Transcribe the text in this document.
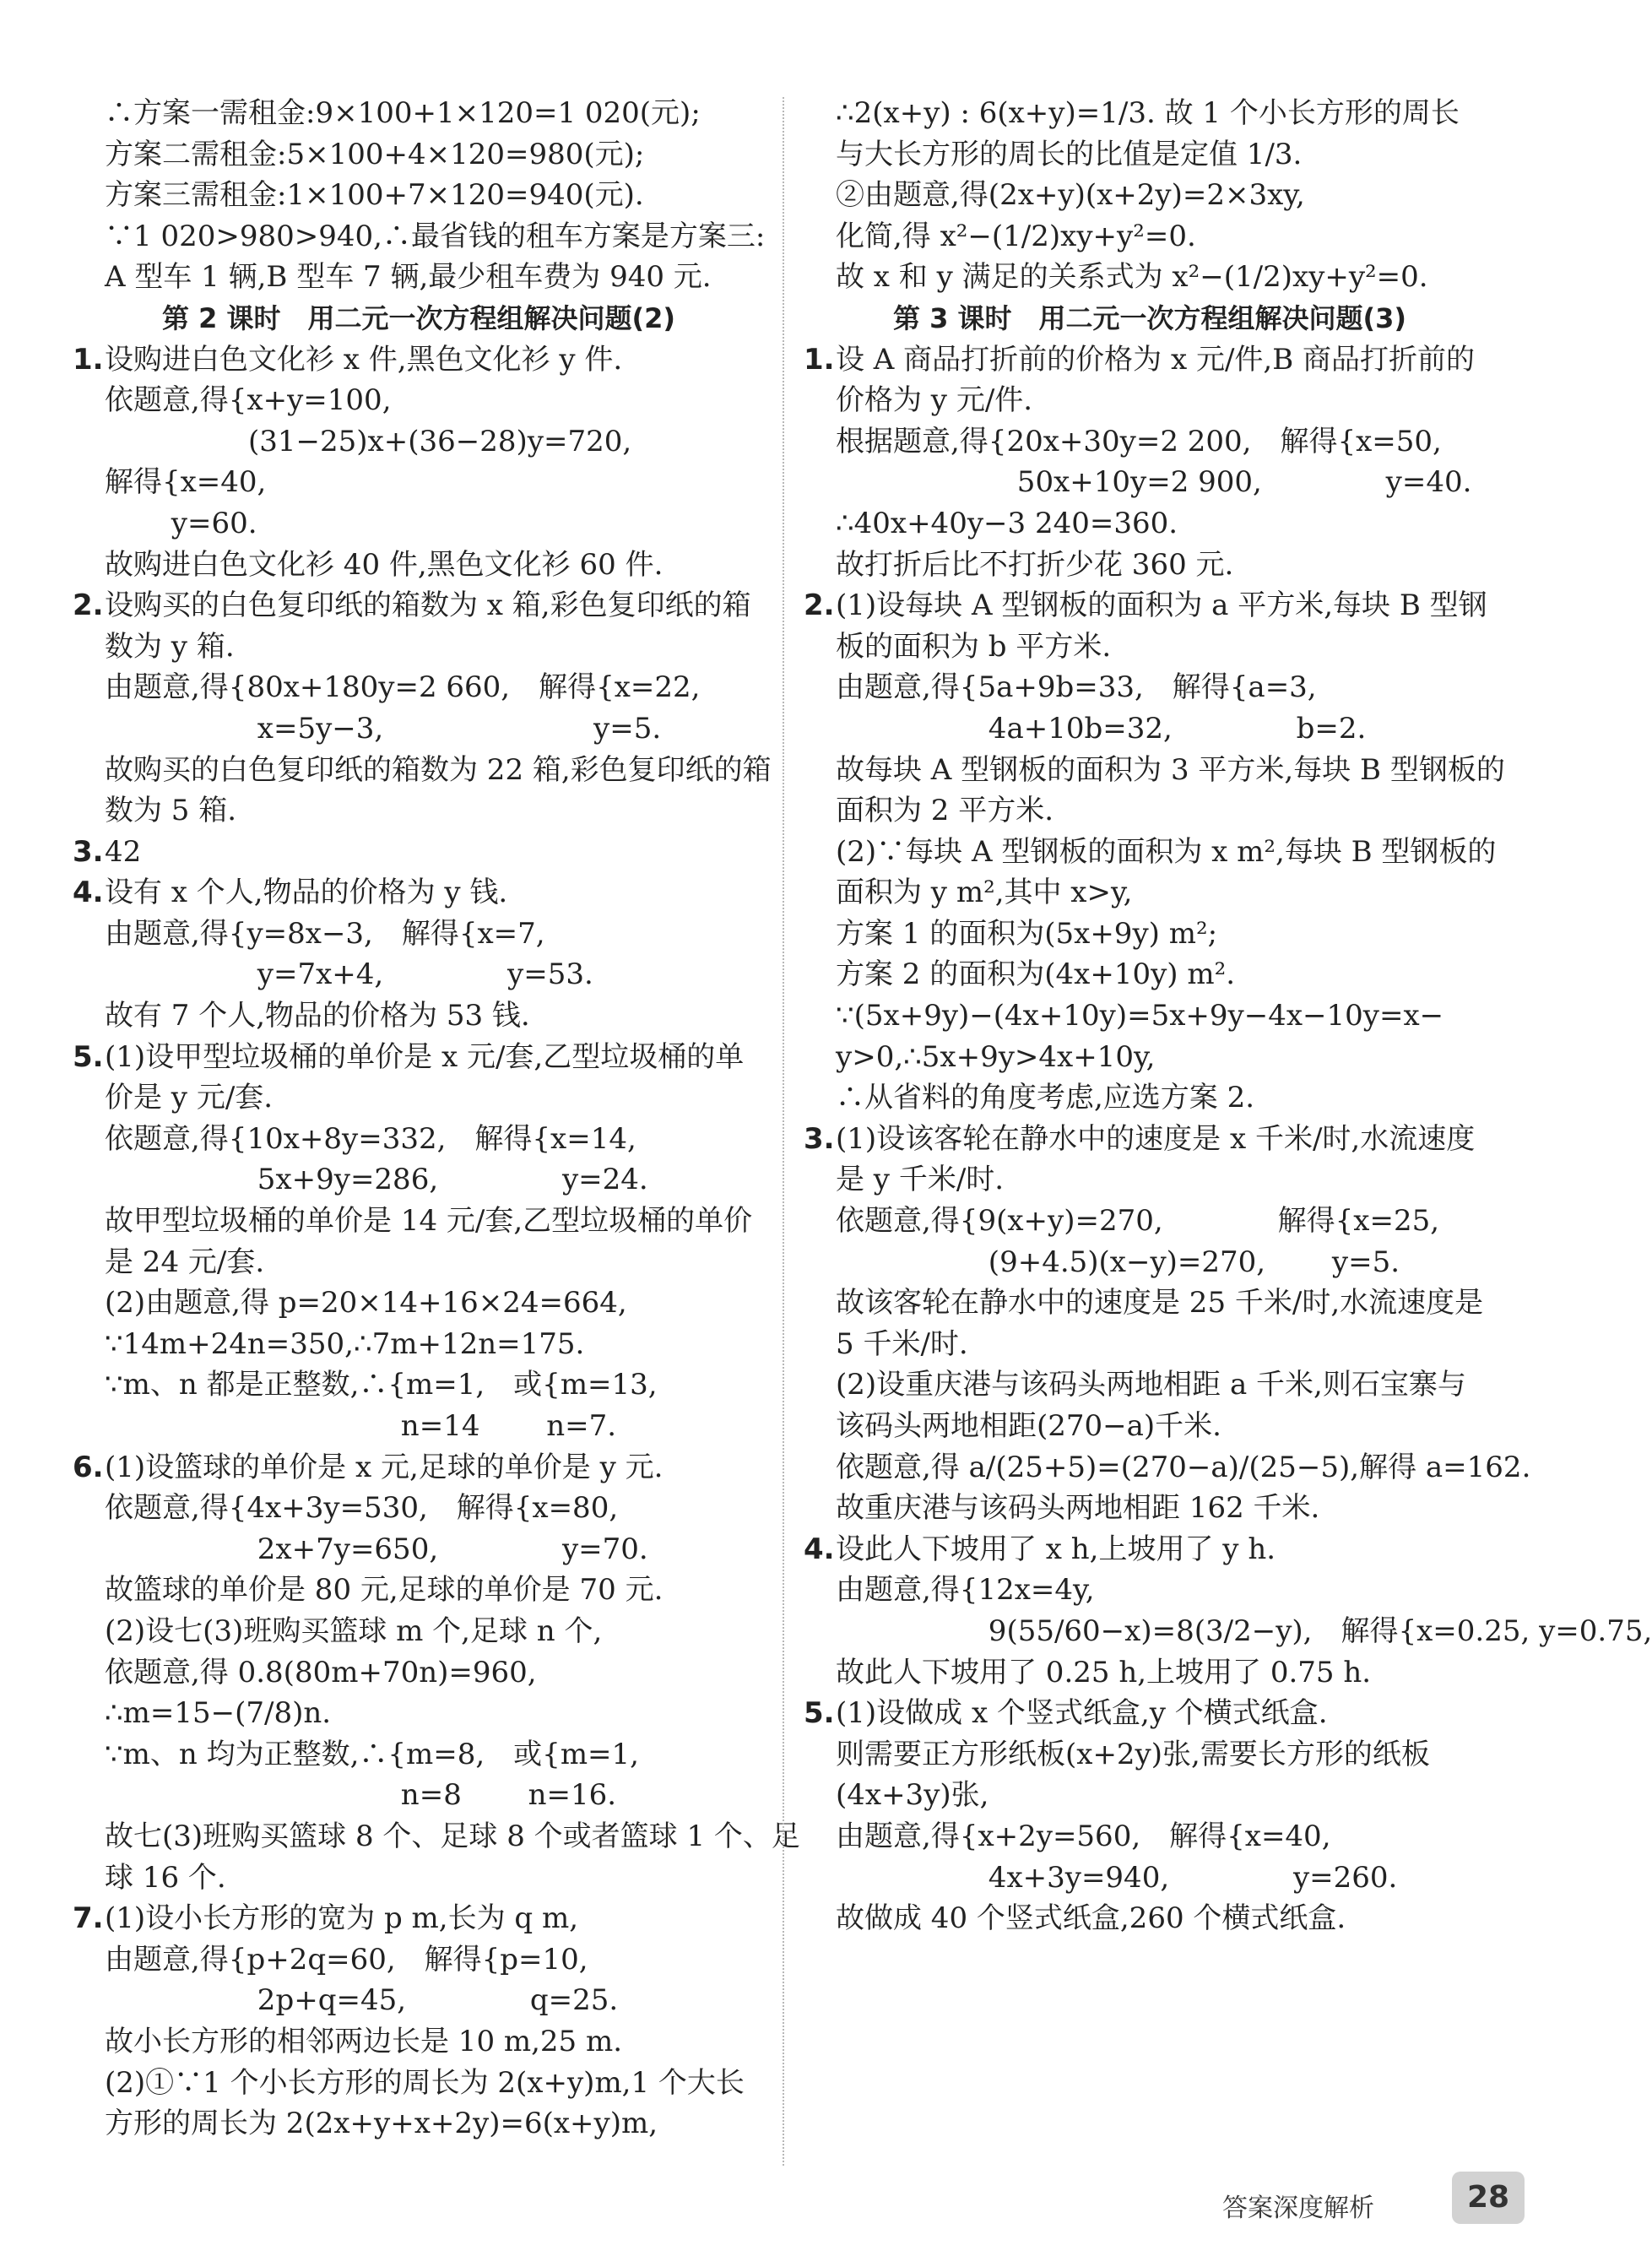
∴方案一需租金:9×100+1×120=1 020(元);
方案二需租金:5×100+4×120=980(元);
方案三需租金:1×100+7×120=940(元).
∵1 020>980>940,∴最省钱的租车方案是方案三:
A 型车 1 辆,B 型车 7 辆,最少租车费为 940 元.
第 2 课时　用二元一次方程组解决问题(2)
1.设购进白色文化衫 x 件,黑色文化衫 y 件.
依题意,得{x+y=100,
　　　　　(31−25)x+(36−28)y=720,
解得{x=40,
　　 y=60.
故购进白色文化衫 40 件,黑色文化衫 60 件.
2.设购买的白色复印纸的箱数为 x 箱,彩色复印纸的箱
数为 y 箱.
由题意,得{80x+180y=2 660,　解得{x=22,
　　　　　 x=5y−3,　　　　　　　 y=5.
故购买的白色复印纸的箱数为 22 箱,彩色复印纸的箱
数为 5 箱.
3.42
4.设有 x 个人,物品的价格为 y 钱.
由题意,得{y=8x−3,　解得{x=7,
　　　　　 y=7x+4,　　　　 y=53.
故有 7 个人,物品的价格为 53 钱.
5.(1)设甲型垃圾桶的单价是 x 元/套,乙型垃圾桶的单
价是 y 元/套.
依题意,得{10x+8y=332,　解得{x=14,
　　　　　 5x+9y=286,　　　　 y=24.
故甲型垃圾桶的单价是 14 元/套,乙型垃圾桶的单价
是 24 元/套.
(2)由题意,得 p=20×14+16×24=664,
∵14m+24n=350,∴7m+12n=175.
∵m、n 都是正整数,∴{m=1,　或{m=13,
　　　　　　　　　　 n=14　　 n=7.
6.(1)设篮球的单价是 x 元,足球的单价是 y 元.
依题意,得{4x+3y=530,　解得{x=80,
　　　　　 2x+7y=650,　　　　 y=70.
故篮球的单价是 80 元,足球的单价是 70 元.
(2)设七(3)班购买篮球 m 个,足球 n 个,
依题意,得 0.8(80m+70n)=960,
∴m=15−(7/8)n.
∵m、n 均为正整数,∴{m=8,　或{m=1,
　　　　　　　　　　 n=8　　 n=16.
故七(3)班购买篮球 8 个、足球 8 个或者篮球 1 个、足
球 16 个.
7.(1)设小长方形的宽为 p m,长为 q m,
由题意,得{p+2q=60,　解得{p=10,
　　　　　 2p+q=45,　　　　 q=25.
故小长方形的相邻两边长是 10 m,25 m.
(2)①∵1 个小长方形的周长为 2(x+y)m,1 个大长
方形的周长为 2(2x+y+x+2y)=6(x+y)m,
∴2(x+y) : 6(x+y)=1/3. 故 1 个小长方形的周长
与大长方形的周长的比值是定值 1/3.
②由题意,得(2x+y)(x+2y)=2×3xy,
化简,得 x²−(1/2)xy+y²=0.
故 x 和 y 满足的关系式为 x²−(1/2)xy+y²=0.
第 3 课时　用二元一次方程组解决问题(3)
1.设 A 商品打折前的价格为 x 元/件,B 商品打折前的
价格为 y 元/件.
根据题意,得{20x+30y=2 200,　解得{x=50,
　　　　　　 50x+10y=2 900,　　　　 y=40.
∴40x+40y−3 240=360.
故打折后比不打折少花 360 元.
2.(1)设每块 A 型钢板的面积为 a 平方米,每块 B 型钢
板的面积为 b 平方米.
由题意,得{5a+9b=33,　解得{a=3,
　　　　　 4a+10b=32,　　　　 b=2.
故每块 A 型钢板的面积为 3 平方米,每块 B 型钢板的
面积为 2 平方米.
(2)∵每块 A 型钢板的面积为 x m²,每块 B 型钢板的
面积为 y m²,其中 x>y,
方案 1 的面积为(5x+9y) m²;
方案 2 的面积为(4x+10y) m².
∵(5x+9y)−(4x+10y)=5x+9y−4x−10y=x−
y>0,∴5x+9y>4x+10y,
∴从省料的角度考虑,应选方案 2.
3.(1)设该客轮在静水中的速度是 x 千米/时,水流速度
是 y 千米/时.
依题意,得{9(x+y)=270,　　　　解得{x=25,
　　　　　 (9+4.5)(x−y)=270,　　 y=5.
故该客轮在静水中的速度是 25 千米/时,水流速度是
5 千米/时.
(2)设重庆港与该码头两地相距 a 千米,则石宝寨与
该码头两地相距(270−a)千米.
依题意,得 a/(25+5)=(270−a)/(25−5),解得 a=162.
故重庆港与该码头两地相距 162 千米.
4.设此人下坡用了 x h,上坡用了 y h.
由题意,得{12x=4y,
　　　　　 9(55/60−x)=8(3/2−y),　解得{x=0.25, y=0.75,
故此人下坡用了 0.25 h,上坡用了 0.75 h.
5.(1)设做成 x 个竖式纸盒,y 个横式纸盒.
则需要正方形纸板(x+2y)张,需要长方形的纸板
(4x+3y)张,
由题意,得{x+2y=560,　解得{x=40,
　　　　　 4x+3y=940,　　　　 y=260.
故做成 40 个竖式纸盒,260 个横式纸盒.
答案深度解析	28
